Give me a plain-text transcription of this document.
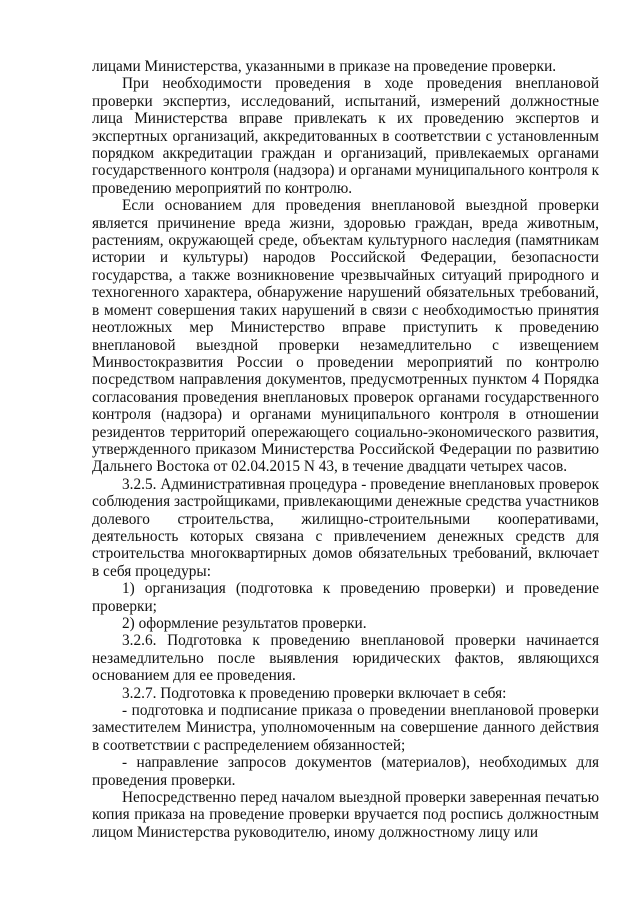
лицами Министерства, указанными в приказе на проведение проверки.

При необходимости проведения в ходе проведения внеплановой проверки экспертиз, исследований, испытаний, измерений должностные лица Министерства вправе привлекать к их проведению экспертов и экспертных организаций, аккредитованных в соответствии с установленным порядком аккредитации граждан и организаций, привлекаемых органами государственного контроля (надзора) и органами муниципального контроля к проведению мероприятий по контролю.

Если основанием для проведения внеплановой выездной проверки является причинение вреда жизни, здоровью граждан, вреда животным, растениям, окружающей среде, объектам культурного наследия (памятникам истории и культуры) народов Российской Федерации, безопасности государства, а также возникновение чрезвычайных ситуаций природного и техногенного характера, обнаружение нарушений обязательных требований, в момент совершения таких нарушений в связи с необходимостью принятия неотложных мер Министерство вправе приступить к проведению внеплановой выездной проверки незамедлительно с извещением Минвостокразвития России о проведении мероприятий по контролю посредством направления документов, предусмотренных пунктом 4 Порядка согласования проведения внеплановых проверок органами государственного контроля (надзора) и органами муниципального контроля в отношении резидентов территорий опережающего социально-экономического развития, утвержденного приказом Министерства Российской Федерации по развитию Дальнего Востока от 02.04.2015 N 43, в течение двадцати четырех часов.

3.2.5. Административная процедура - проведение внеплановых проверок соблюдения застройщиками, привлекающими денежные средства участников долевого строительства, жилищно-строительными кооперативами, деятельность которых связана с привлечением денежных средств для строительства многоквартирных домов обязательных требований, включает в себя процедуры:

1) организация (подготовка к проведению проверки) и проведение проверки;

2) оформление результатов проверки.

3.2.6. Подготовка к проведению внеплановой проверки начинается незамедлительно после выявления юридических фактов, являющихся основанием для ее проведения.

3.2.7. Подготовка к проведению проверки включает в себя:

- подготовка и подписание приказа о проведении внеплановой проверки заместителем Министра, уполномоченным на совершение данного действия в соответствии с распределением обязанностей;

- направление запросов документов (материалов), необходимых для проведения проверки.

Непосредственно перед началом выездной проверки заверенная печатью копия приказа на проведение проверки вручается под роспись должностным лицом Министерства руководителю, иному должностному лицу или
